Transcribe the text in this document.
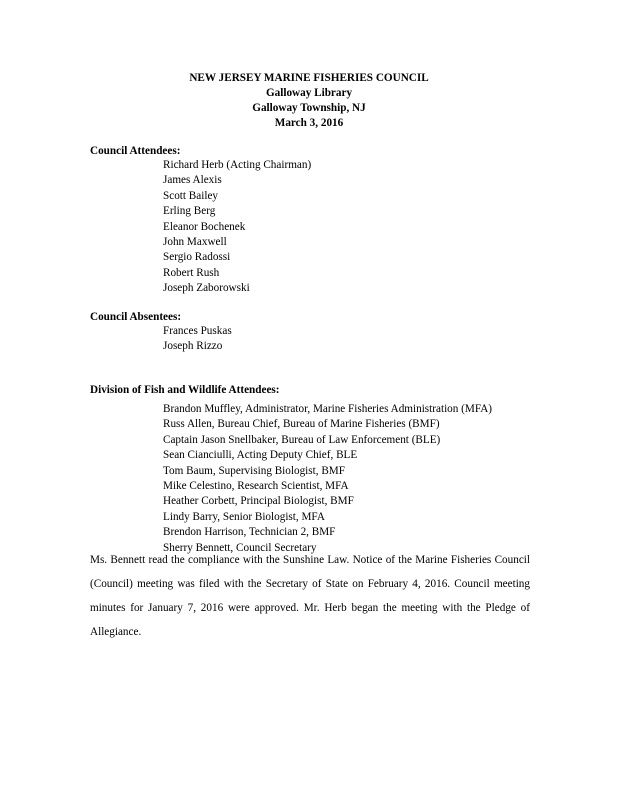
NEW JERSEY MARINE FISHERIES COUNCIL
Galloway Library
Galloway Township, NJ
March 3, 2016
Council Attendees:
Richard Herb (Acting Chairman)
James Alexis
Scott Bailey
Erling Berg
Eleanor Bochenek
John Maxwell
Sergio Radossi
Robert Rush
Joseph Zaborowski
Council Absentees:
Frances Puskas
Joseph Rizzo
Division of Fish and Wildlife Attendees:
Brandon Muffley, Administrator, Marine Fisheries Administration (MFA)
Russ Allen, Bureau Chief, Bureau of Marine Fisheries (BMF)
Captain Jason Snellbaker, Bureau of Law Enforcement (BLE)
Sean Cianciulli, Acting Deputy Chief, BLE
Tom Baum, Supervising Biologist, BMF
Mike Celestino, Research Scientist, MFA
Heather Corbett, Principal Biologist, BMF
Lindy Barry, Senior Biologist, MFA
Brendon Harrison, Technician 2, BMF
Sherry Bennett, Council Secretary

Ms. Bennett read the compliance with the Sunshine Law. Notice of the Marine Fisheries Council (Council) meeting was filed with the Secretary of State on February 4, 2016. Council meeting minutes for January 7, 2016 were approved. Mr. Herb began the meeting with the Pledge of Allegiance.
